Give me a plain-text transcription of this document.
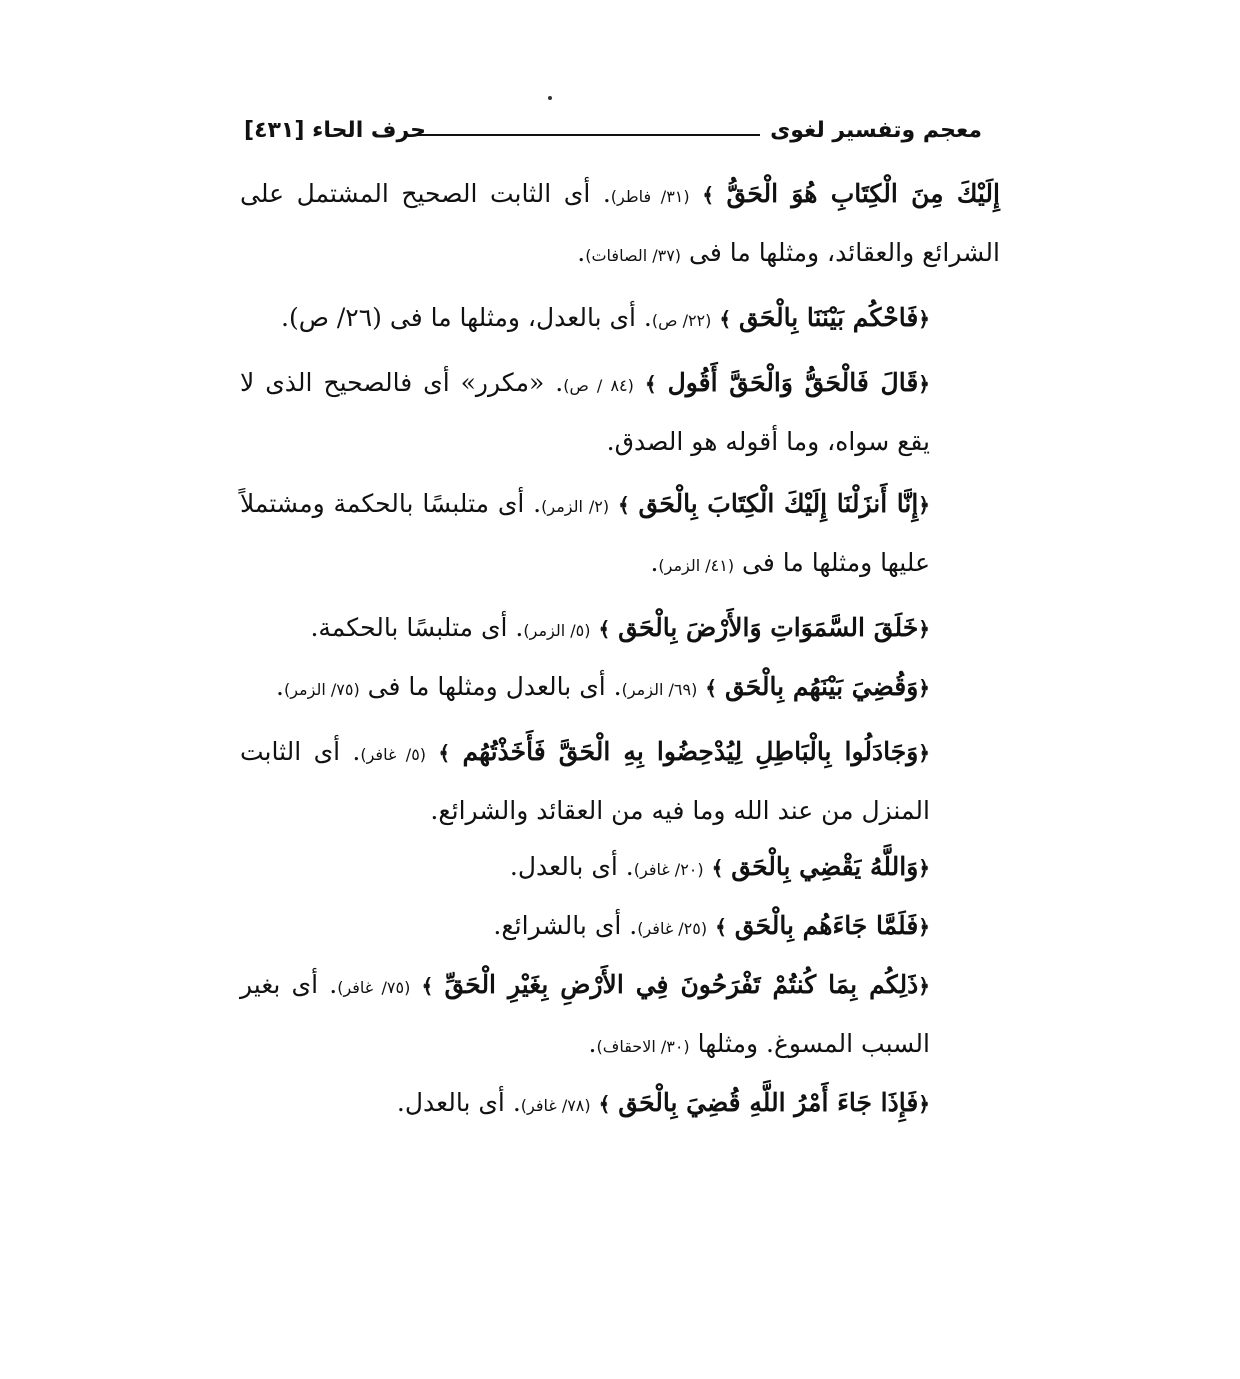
معجم وتفسير لغوى
حرف الحاء [٤٣١]

إِلَيْكَ مِنَ الْكِتَابِ هُوَ الْحَقُّ ﴾ (٣١/ فاطر). أى الثابت الصحيح المشتمل على الشرائع والعقائد، ومثلها ما فى (٣٧/ الصافات).

﴿فَاحْكُم بَيْنَنَا بِالْحَق ﴾ (٢٢/ ص). أى بالعدل، ومثلها ما فى (٢٦/ ص).

﴿قَالَ فَالْحَقُّ وَالْحَقَّ أَقُول ﴾ (٨٤ / ص). «مكرر» أى فالصحيح الذى لا يقع سواه، وما أقوله هو الصدق.

﴿إِنَّا أَنزَلْنَا إِلَيْكَ الْكِتَابَ بِالْحَق ﴾ (٢/ الزمر). أى متلبسًا بالحكمة ومشتملاً عليها ومثلها ما فى (٤١/ الزمر).

﴿خَلَقَ السَّمَوَاتِ وَالأَرْضَ بِالْحَق ﴾ (٥/ الزمر). أى متلبسًا بالحكمة.

﴿وَقُضِيَ بَيْنَهُم بِالْحَق ﴾ (٦٩/ الزمر). أى بالعدل ومثلها ما فى (٧٥/ الزمر).

﴿وَجَادَلُوا بِالْبَاطِلِ لِيُدْحِضُوا بِهِ الْحَقَّ فَأَخَذْتُهُم ﴾ (٥/ غافر). أى الثابت المنزل من عند الله وما فيه من العقائد والشرائع.

﴿وَاللَّهُ يَقْضِي بِالْحَق ﴾ (٢٠/ غافر). أى بالعدل.

﴿فَلَمَّا جَاءَهُم بِالْحَق ﴾ (٢٥/ غافر). أى بالشرائع.

﴿ذَلِكُم بِمَا كُنتُمْ تَفْرَحُونَ فِي الأَرْضِ بِغَيْرِ الْحَقِّ ﴾ (٧٥/ غافر). أى بغير السبب المسوغ. ومثلها (٣٠/ الاحقاف).

﴿فَإِذَا جَاءَ أَمْرُ اللَّهِ قُضِيَ بِالْحَق ﴾ (٧٨/ غافر). أى بالعدل.
